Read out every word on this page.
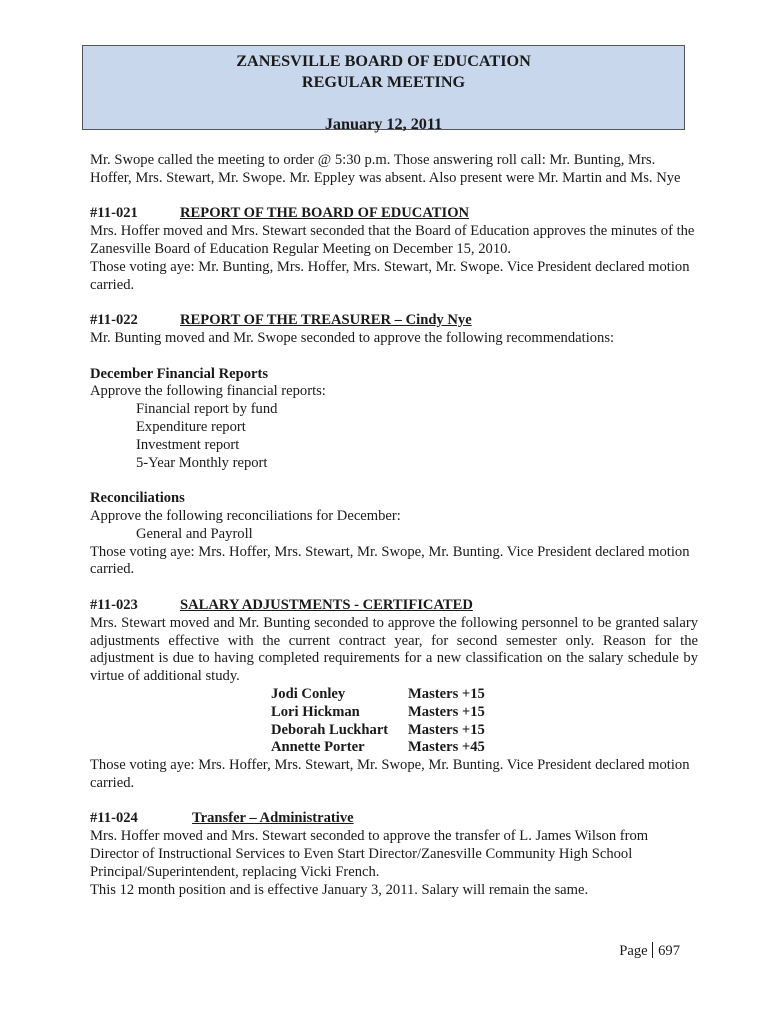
ZANESVILLE BOARD OF EDUCATION
REGULAR MEETING
January 12, 2011

Mr. Swope called the meeting to order @ 5:30 p.m. Those answering roll call: Mr. Bunting, Mrs. Hoffer, Mrs. Stewart, Mr. Swope. Mr. Eppley was absent. Also present were Mr. Martin and Ms. Nye

#11-021	REPORT OF THE BOARD OF EDUCATION

Mrs. Hoffer moved and Mrs. Stewart seconded that the Board of Education approves the minutes of the Zanesville Board of Education Regular Meeting on December 15, 2010.

Those voting aye: Mr. Bunting, Mrs. Hoffer, Mrs. Stewart, Mr. Swope. Vice President declared motion carried.

#11-022	REPORT OF THE TREASURER – Cindy Nye

Mr. Bunting moved and Mr. Swope seconded to approve the following recommendations:

December Financial Reports

Approve the following financial reports:

Financial report by fund

Expenditure report

Investment report

5-Year Monthly report

Reconciliations

Approve the following reconciliations for December:

General and Payroll

Those voting aye: Mrs. Hoffer, Mrs. Stewart, Mr. Swope, Mr. Bunting. Vice President declared motion carried.

#11-023	SALARY ADJUSTMENTS - CERTIFICATED

Mrs. Stewart moved and Mr. Bunting seconded to approve the following personnel to be granted salary adjustments effective with the current contract year, for second semester only. Reason for the adjustment is due to having completed requirements for a new classification on the salary schedule by virtue of additional study.

Jodi Conley	Masters +15

Lori Hickman	Masters +15

Deborah Luckhart Masters +15

Annette Porter	Masters +45

Those voting aye: Mrs. Hoffer, Mrs. Stewart, Mr. Swope, Mr. Bunting. Vice President declared motion carried.

#11-024	Transfer – Administrative

Mrs. Hoffer moved and Mrs. Stewart seconded to approve the transfer of L. James Wilson from Director of Instructional Services to Even Start Director/Zanesville Community High School Principal/Superintendent, replacing Vicki French.

This 12 month position and is effective January 3, 2011. Salary will remain the same.

Page 697
